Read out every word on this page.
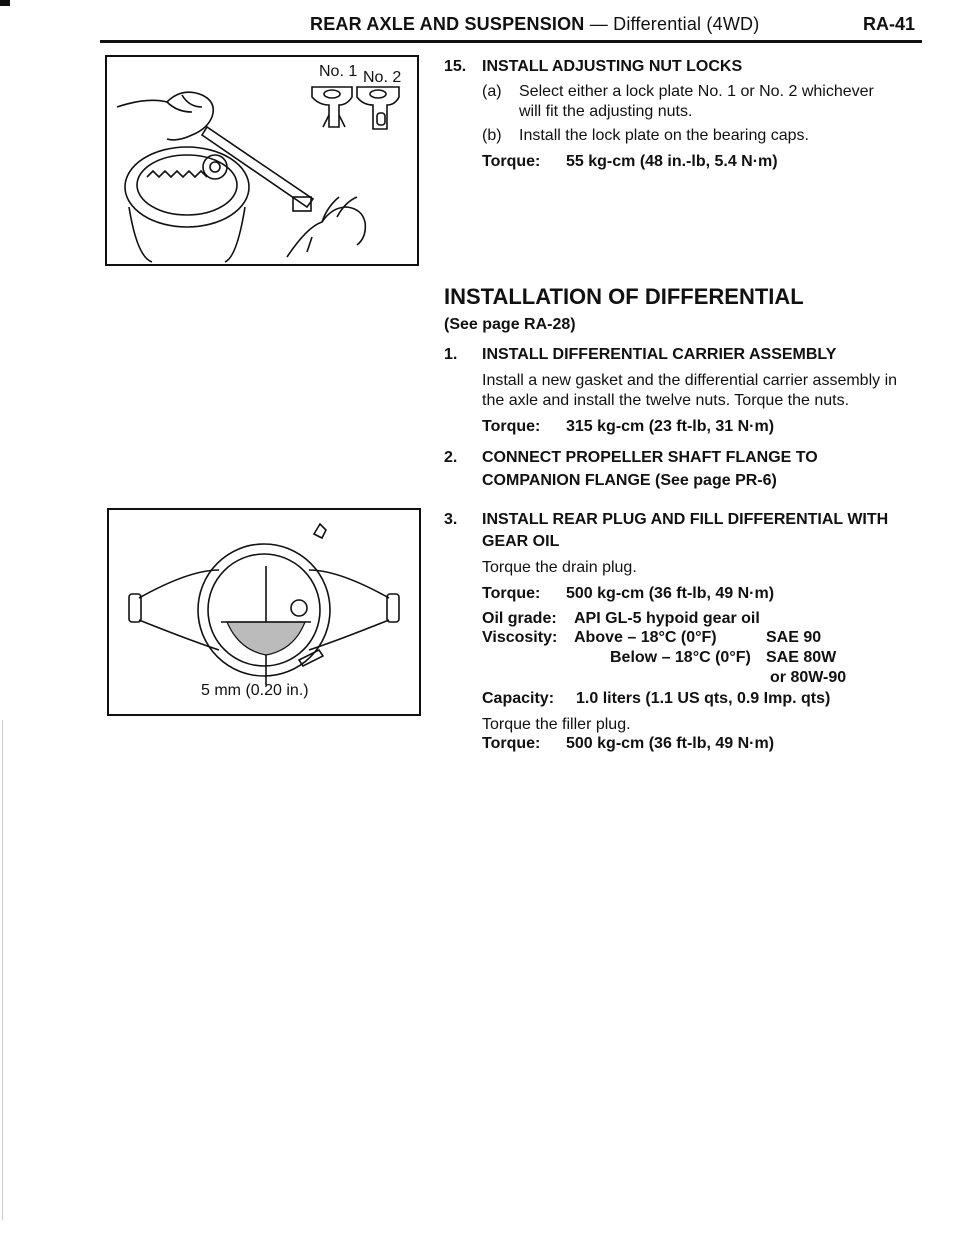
REAR AXLE AND SUSPENSION — Differential (4WD)	RA-41
No. 1 No. 2
5 mm (0.20 in.)
15. INSTALL ADJUSTING NUT LOCKS
(a) Select either a lock plate No. 1 or No. 2 whichever
will fit the adjusting nuts.
(b) Install the lock plate on the bearing caps.
Torque: 55 kg-cm (48 in.-lb, 5.4 N·m)
INSTALLATION OF DIFFERENTIAL
(See page RA-28)
1. INSTALL DIFFERENTIAL CARRIER ASSEMBLY
Install a new gasket and the differential carrier assembly in
the axle and install the twelve nuts. Torque the nuts.
Torque: 315 kg-cm (23 ft-lb, 31 N·m)
2. CONNECT PROPELLER SHAFT FLANGE TO
COMPANION FLANGE (See page PR-6)
3. INSTALL REAR PLUG AND FILL DIFFERENTIAL WITH
GEAR OIL
Torque the drain plug.
Torque: 500 kg-cm (36 ft-lb, 49 N·m)
Oil grade: API GL-5 hypoid gear oil
Viscosity: Above – 18°C (0°F)	SAE 90
Below – 18°C (0°F) SAE 80W
or 80W-90
Capacity: 1.0 liters (1.1 US qts, 0.9 Imp. qts)
Torque the filler plug.
Torque: 500 kg-cm (36 ft-lb, 49 N·m)
